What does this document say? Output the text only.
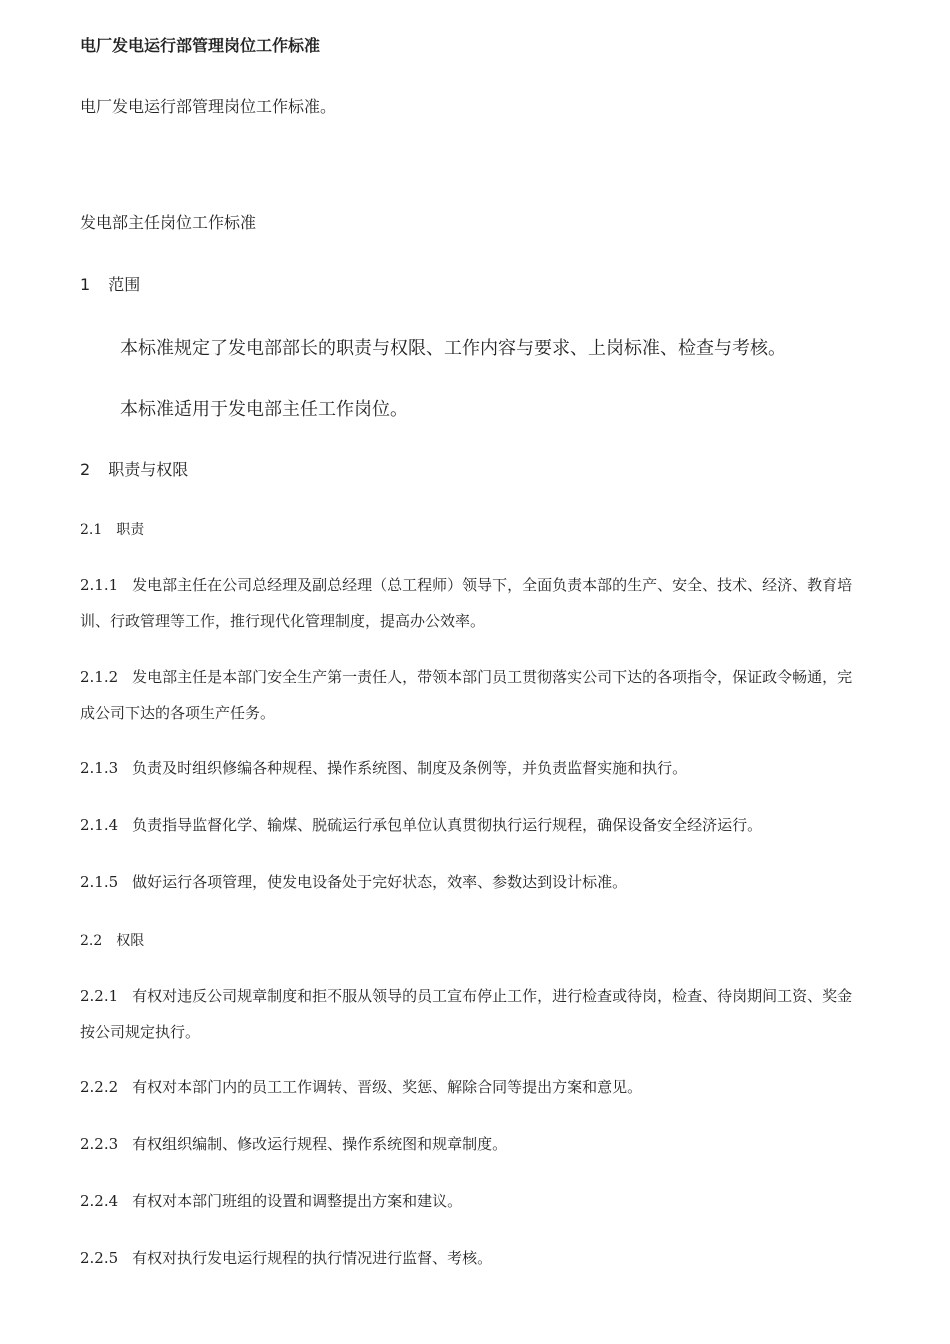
电厂发电运行部管理岗位工作标准
电厂发电运行部管理岗位工作标准。
发电部主任岗位工作标准
1 范围
本标准规定了发电部部长的职责与权限、工作内容与要求、上岗标准、检查与考核。
本标准适用于发电部主任工作岗位。
2 职责与权限
2.1 职责
2.1.1 发电部主任在公司总经理及副总经理（总工程师）领导下，全面负责本部的生产、安全、技术、经济、教育培训、行政管理等工作，推行现代化管理制度，提高办公效率。
2.1.2 发电部主任是本部门安全生产第一责任人，带领本部门员工贯彻落实公司下达的各项指令，保证政令畅通，完成公司下达的各项生产任务。
2.1.3 负责及时组织修编各种规程、操作系统图、制度及条例等，并负责监督实施和执行。
2.1.4 负责指导监督化学、输煤、脱硫运行承包单位认真贯彻执行运行规程，确保设备安全经济运行。
2.1.5 做好运行各项管理，使发电设备处于完好状态，效率、参数达到设计标准。
2.2 权限
2.2.1 有权对违反公司规章制度和拒不服从领导的员工宣布停止工作，进行检查或待岗，检查、待岗期间工资、奖金按公司规定执行。
2.2.2 有权对本部门内的员工工作调转、晋级、奖惩、解除合同等提出方案和意见。
2.2.3 有权组织编制、修改运行规程、操作系统图和规章制度。
2.2.4 有权对本部门班组的设置和调整提出方案和建议。
2.2.5 有权对执行发电运行规程的执行情况进行监督、考核。
